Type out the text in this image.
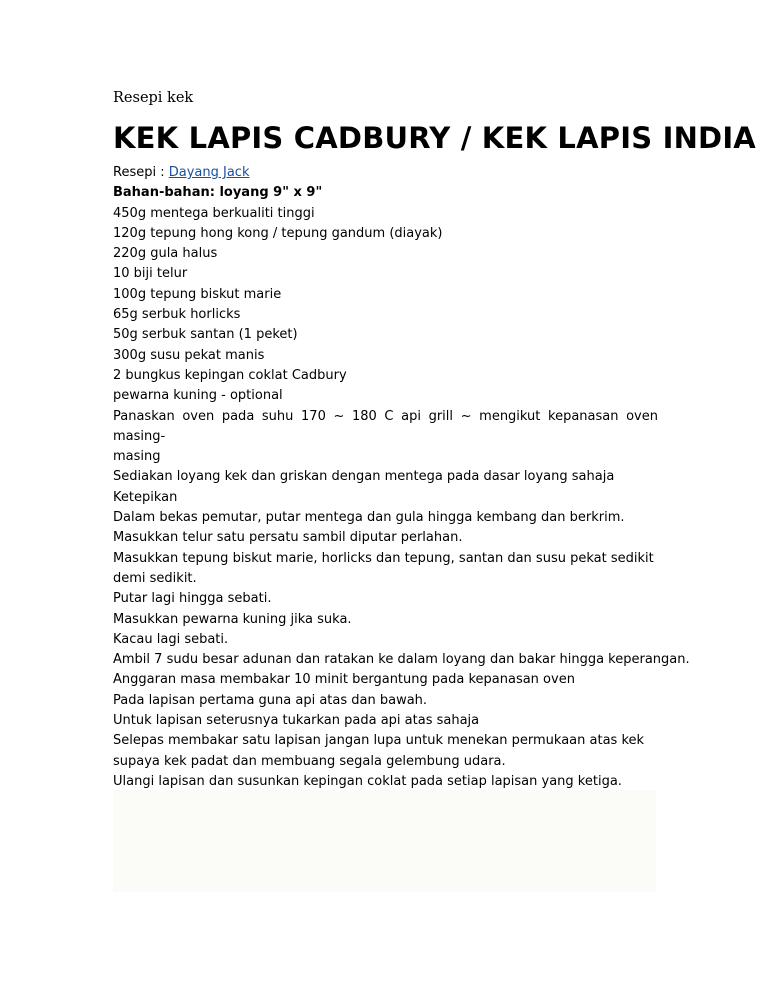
Resepi kek
KEK LAPIS CADBURY / KEK LAPIS INDIA
Resepi : Dayang Jack
Bahan-bahan: loyang 9" x 9"
450g mentega berkualiti tinggi
120g tepung hong kong / tepung gandum (diayak)
220g gula halus
10 biji telur
100g tepung biskut marie
65g serbuk horlicks
50g serbuk santan (1 peket)
300g susu pekat manis
2 bungkus kepingan coklat Cadbury
pewarna kuning - optional
Panaskan oven pada suhu 170 ~ 180 C api grill ~ mengikut kepanasan oven masing-
masing
Sediakan loyang kek dan griskan dengan mentega pada dasar loyang sahaja
Ketepikan
Dalam bekas pemutar, putar mentega dan gula hingga kembang dan berkrim.
Masukkan telur satu persatu sambil diputar perlahan.
Masukkan tepung biskut marie, horlicks dan tepung, santan dan susu pekat sedikit
demi sedikit.
Putar lagi hingga sebati.
Masukkan pewarna kuning jika suka.
Kacau lagi sebati.
Ambil 7 sudu besar adunan dan ratakan ke dalam loyang dan bakar hingga keperangan.
Anggaran masa membakar 10 minit bergantung pada kepanasan oven
Pada lapisan pertama guna api atas dan bawah.
Untuk lapisan seterusnya tukarkan pada api atas sahaja
Selepas membakar satu lapisan jangan lupa untuk menekan permukaan atas kek
supaya kek padat dan membuang segala gelembung udara.
Ulangi lapisan dan susunkan kepingan coklat pada setiap lapisan yang ketiga.
